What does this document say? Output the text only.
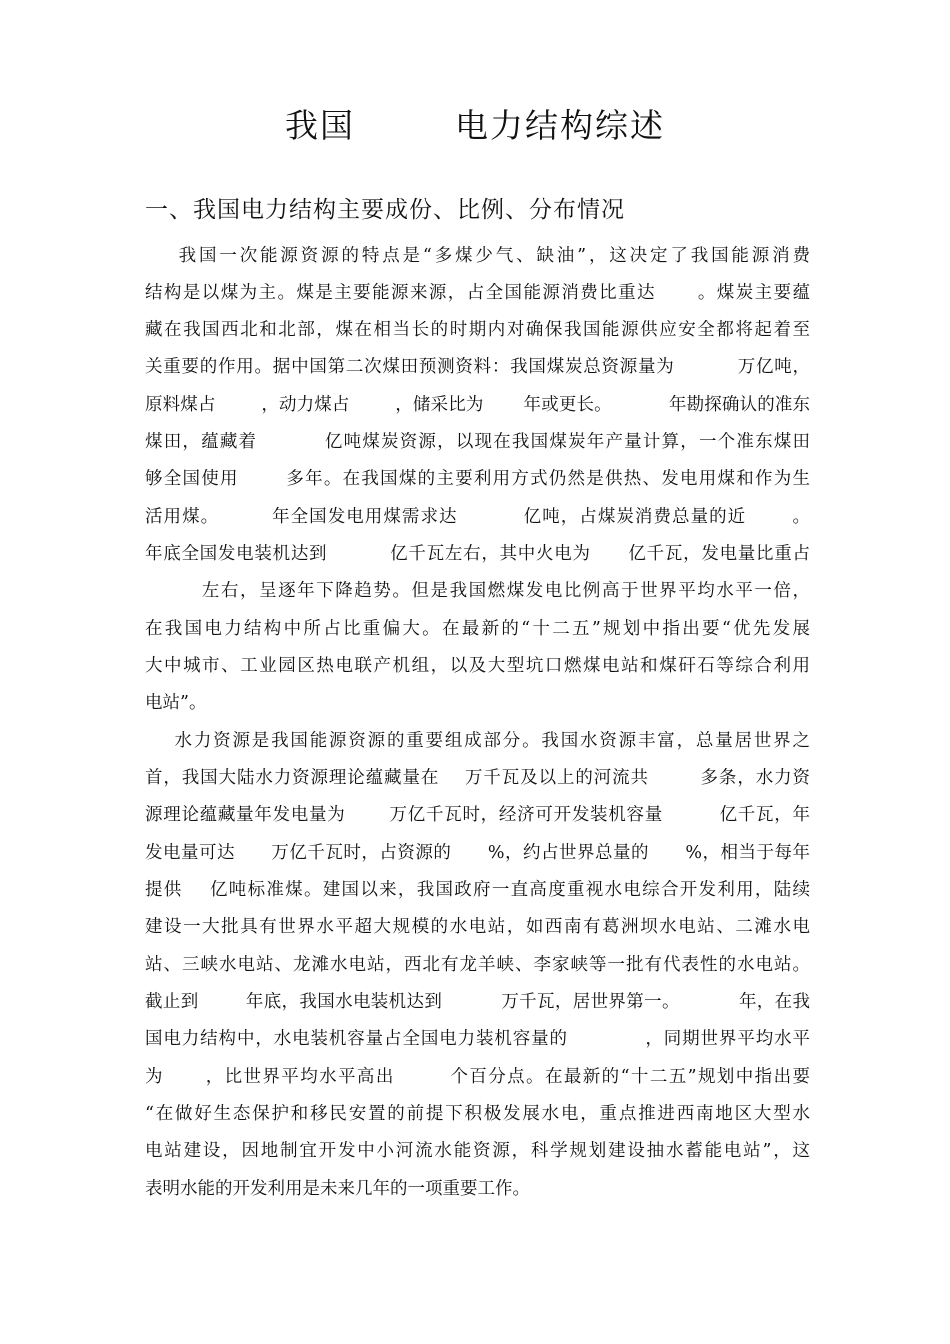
我国        电力结构综述
一、我国电力结构主要成份、比例、分布情况
我国一次能源资源的特点是“多煤少气、缺油”，这决定了我国能源消费
结构是以煤为主。煤是主要能源来源，占全国能源消费比重达      。煤炭主要蕴
藏在我国西北和北部，煤在相当长的时期内对确保我国能源供应安全都将起着至
关重要的作用。据中国第二次煤田预测资料：我国煤炭总资源量为          万亿吨，
原料煤占        ，动力煤占        ，储采比为       年或更长。          年勘探确认的准东
煤田，蕴藏着          亿吨煤炭资源，以现在我国煤炭年产量计算，一个准东煤田
够全国使用       多年。在我国煤的主要利用方式仍然是供热、发电用煤和作为生
活用煤。        年全国发电用煤需求达          亿吨，占煤炭消费总量的近       。
年底全国发电装机达到          亿千瓦左右，其中火电为      亿千瓦，发电量比重占
左右，呈逐年下降趋势。但是我国燃煤发电比例高于世界平均水平一倍，
在我国电力结构中所占比重偏大。在最新的“十二五”规划中指出要“优先发展
大中城市、工业园区热电联产机组，以及大型坑口燃煤电站和煤矸石等综合利用
电站”。
水力资源是我国能源资源的重要组成部分。我国水资源丰富，总量居世界之
首，我国大陆水力资源理论蕴藏量在    万千瓦及以上的河流共        多条，水力资
源理论蕴藏量年发电量为       万亿千瓦时，经济可开发装机容量         亿千瓦，年
发电量可达      万亿千瓦时，占资源的      %，约占世界总量的      %，相当于每年
提供    亿吨标准煤。建国以来，我国政府一直高度重视水电综合开发利用，陆续
建设一大批具有世界水平超大规模的水电站，如西南有葛洲坝水电站、二滩水电
站、三峡水电站、龙滩水电站，西北有龙羊峡、李家峡等一批有代表性的水电站。
截止到        年底，我国水电装机达到          万千瓦，居世界第一。          年，在我
国电力结构中，水电装机容量占全国电力装机容量的            ，同期世界平均水平
为      ，比世界平均水平高出        个百分点。在最新的“十二五”规划中指出要
“在做好生态保护和移民安置的前提下积极发展水电，重点推进西南地区大型水
电站建设，因地制宜开发中小河流水能资源，科学规划建设抽水蓄能电站”，这
表明水能的开发利用是未来几年的一项重要工作。
